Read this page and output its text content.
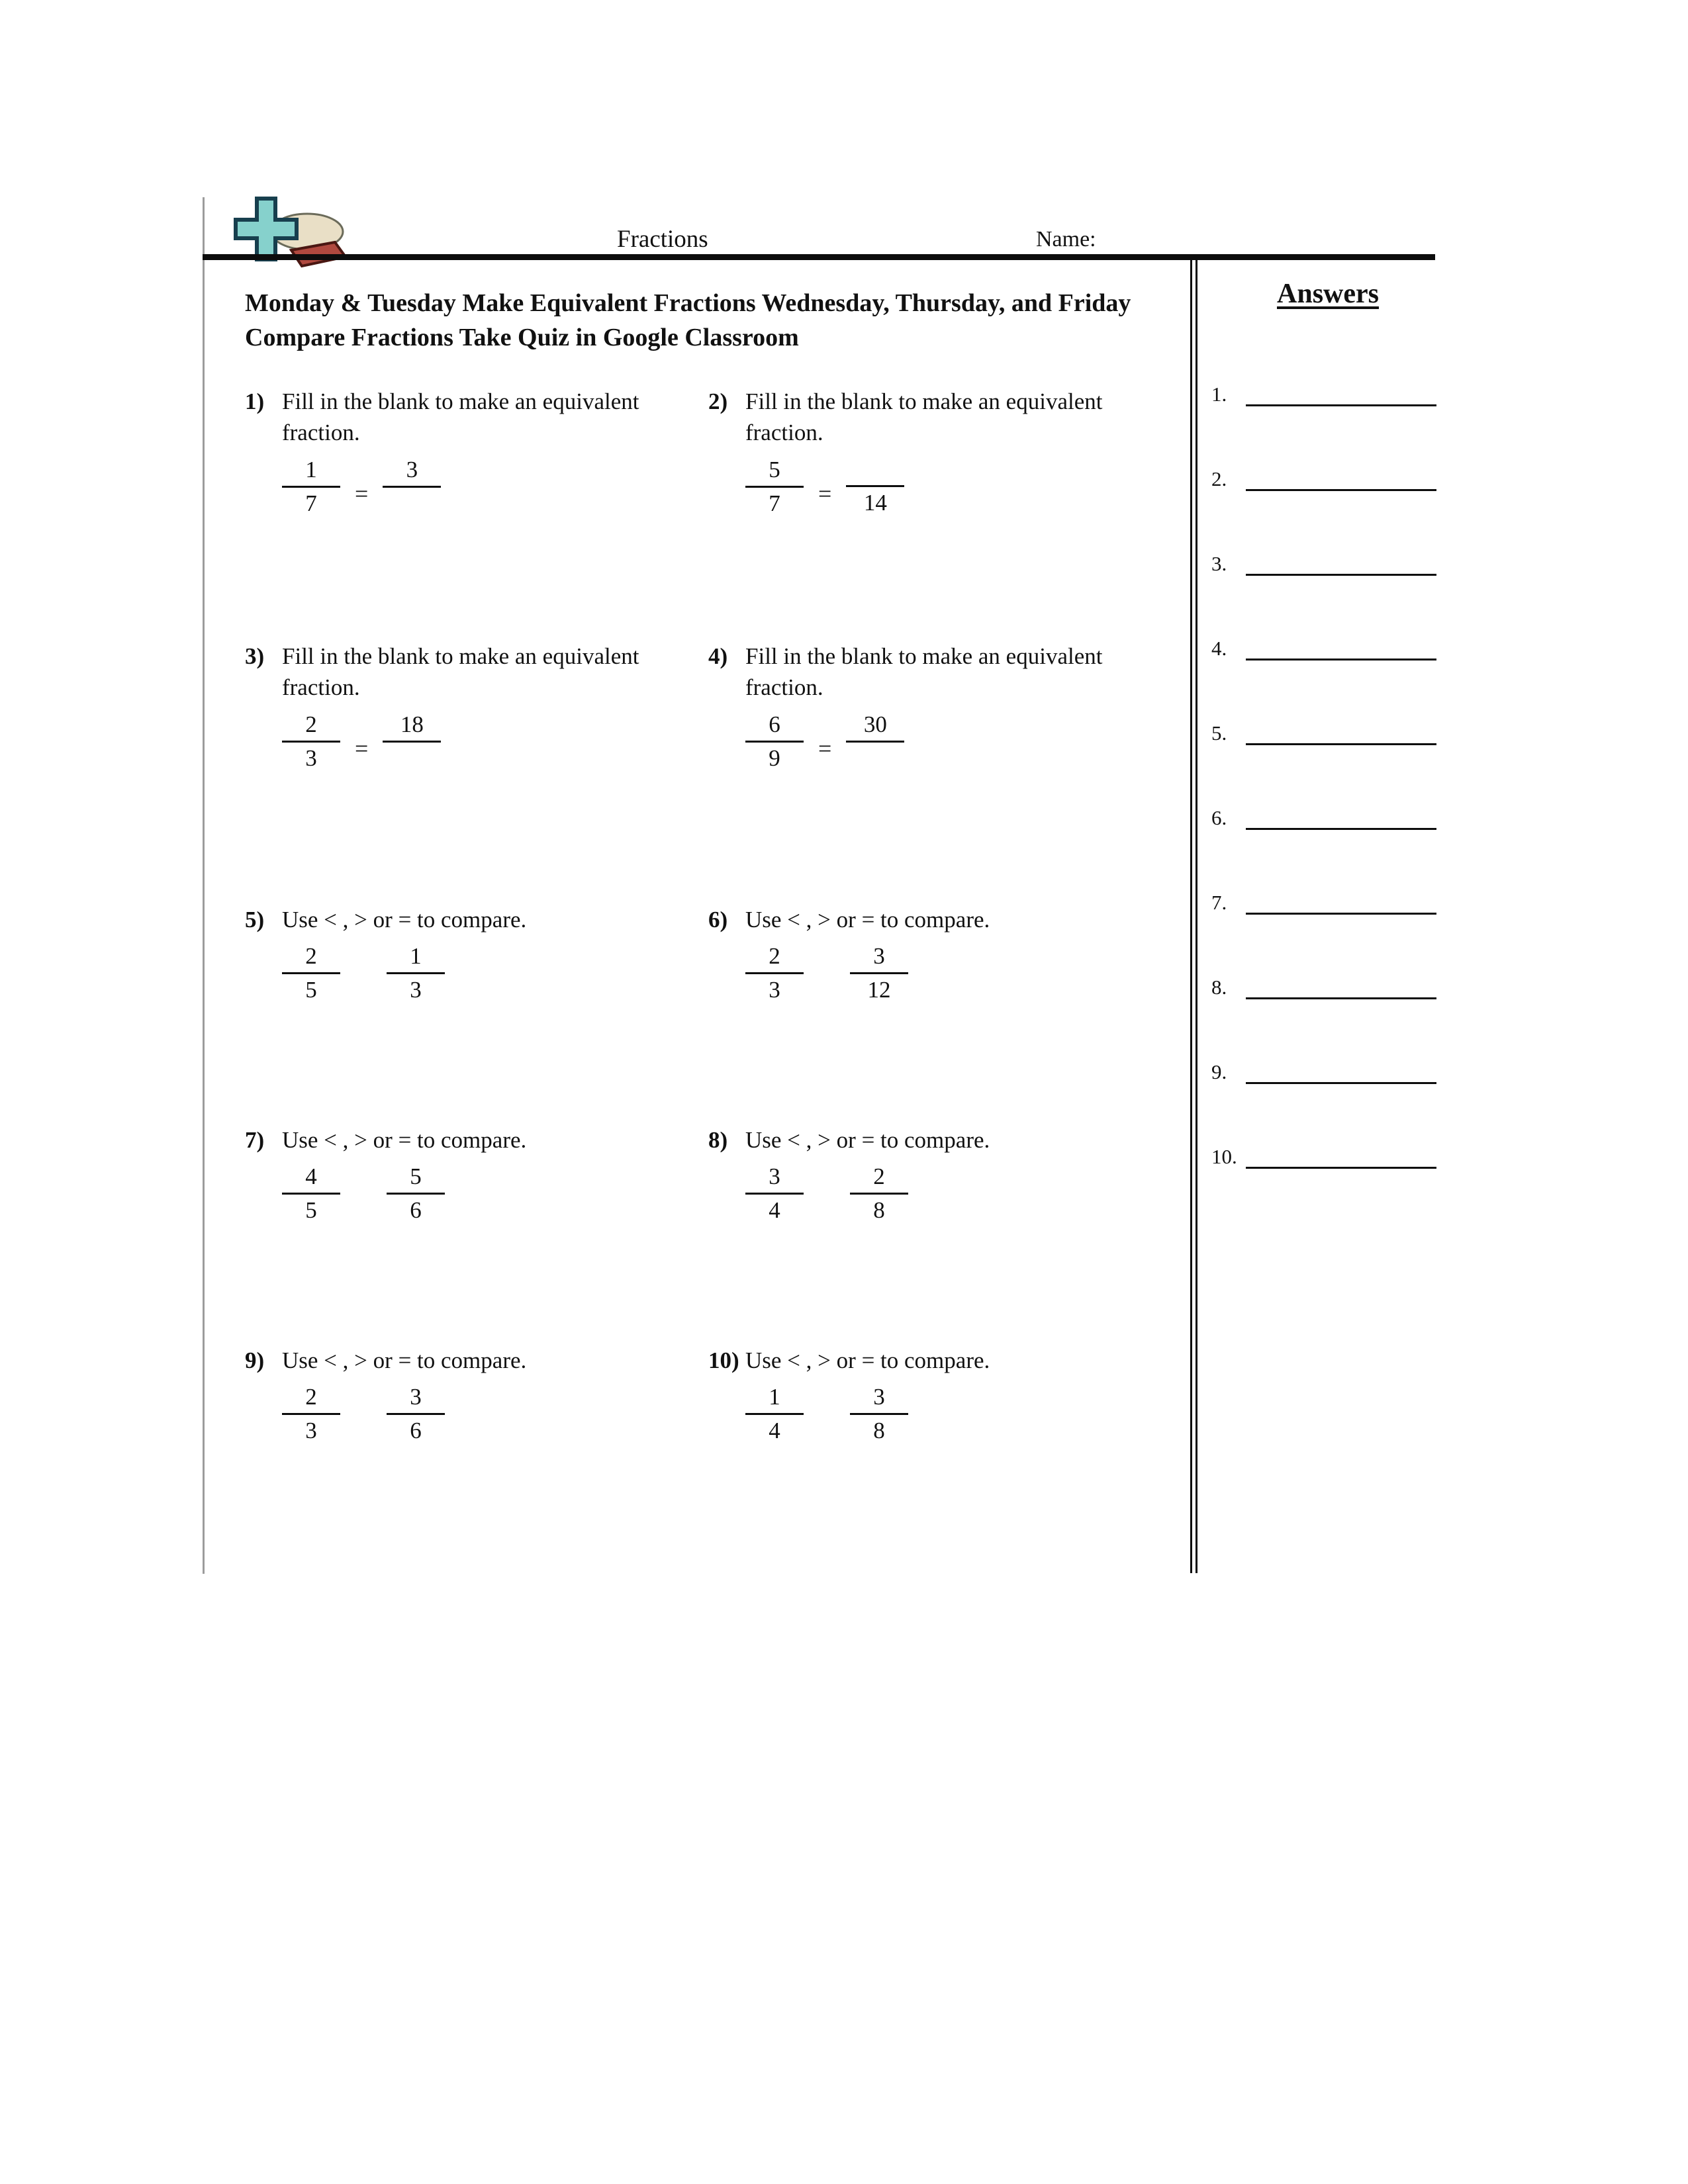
Fractions	Name:
Monday & Tuesday Make Equivalent Fractions Wednesday, Thursday, and Friday
Compare Fractions Take Quiz in Google Classroom
1) Fill in the blank to make an equivalent fraction.
$\frac{1}{7}$ =
3
2) Fill in the blank to make an equivalent fraction.
$\frac{5}{7}$ =	14
3) Fill in the blank to make an equivalent fraction.
$\frac{2}{3}$ =
18
4) Fill in the blank to make an equivalent fraction.
$\frac{6}{9}$ =
30
5) Use < , > or = to compare.
$\frac{2}{5} \frac{1}{3}$
6) Use < , > or = to compare.
$\frac{2}{3} \frac{3}{12}$
7) Use < , > or = to compare.
$\frac{4}{5} \frac{5}{6}$
8) Use < , > or = to compare.
$\frac{3}{4} \frac{2}{8}$
9) Use < , > or = to compare.
$\frac{2}{3} \frac{3}{6}$
10) Use < , > or = to compare.
$\frac{1}{4} \frac{3}{8}$
Answers
1.
2.
3.
4.
5.
6.
7.
8.
9.
10.
